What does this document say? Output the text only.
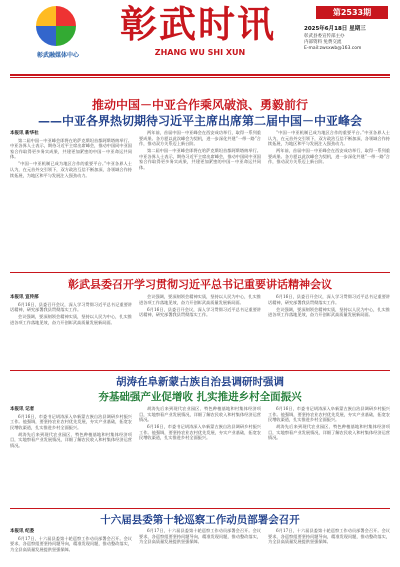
彰武融媒体中心
彰武时讯
ZHANG WU SHI XUN
第2533期
2025年6月18日 星期三
彰武县委宣传部主办
内部资料 免费交流
E-mail:zwsxwb@163.com
推动中国－中亚合作乘风破浪、勇毅前行
——中亚各界热切期待习近平主席出席第二届中国－中亚峰会
本报讯 新华社

第二届中国－中亚峰会即将在哈萨克斯坦首都阿斯塔纳举行。中亚各界人士表示，期待习近平主席出席峰会，推动中国同中亚国家合作取得更多务实成果，共建更加紧密的中国－中亚命运共同体。

“中国－中亚机制已成为地区合作的重要平台。”中亚各界人士认为，在元首外交引领下，双方政治互信不断加深，各领域合作持续拓展，为地区和平与发展注入强劲动力。

两年前，首届中国－中亚峰会在西安成功举行，取得一系列重要成果。各方愿以此次峰会为契机，进一步深化共建“一带一路”合作，推动双方关系迈上新台阶。

第二届中国－中亚峰会即将在哈萨克斯坦首都阿斯塔纳举行。中亚各界人士表示，期待习近平主席出席峰会，推动中国同中亚国家合作取得更多务实成果，共建更加紧密的中国－中亚命运共同体。

“中国－中亚机制已成为地区合作的重要平台。”中亚各界人士认为，在元首外交引领下，双方政治互信不断加深，各领域合作持续拓展，为地区和平与发展注入强劲动力。

两年前，首届中国－中亚峰会在西安成功举行，取得一系列重要成果。各方愿以此次峰会为契机，进一步深化共建“一带一路”合作，推动双方关系迈上新台阶。

彰武县委召开学习贯彻习近平总书记重要讲话精神会议
本报讯 宣传部

6月16日，县委召开会议，深入学习贯彻习近平总书记重要讲话精神，研究部署我县贯彻落实工作。

会议强调，要深刻领会精神实质，坚持以人民为中心，扎实推进各项工作落地见效，奋力开创彰武高质量发展新局面。

会议强调，要深刻领会精神实质，坚持以人民为中心，扎实推进各项工作落地见效，奋力开创彰武高质量发展新局面。

6月16日，县委召开会议，深入学习贯彻习近平总书记重要讲话精神，研究部署我县贯彻落实工作。

6月16日，县委召开会议，深入学习贯彻习近平总书记重要讲话精神，研究部署我县贯彻落实工作。

会议强调，要深刻领会精神实质，坚持以人民为中心，扎实推进各项工作落地见效，奋力开创彰武高质量发展新局面。

胡涛在阜新蒙古族自治县调研时强调
夯基础强产业促增收 扎实推进乡村全面振兴
本报讯 记者

6月16日，市委书记胡涛深入阜新蒙古族自治县调研乡村振兴工作。他强调，要坚持农业农村优先发展，夯实产业基础，拓宽农民增收渠道，扎实推进乡村全面振兴。

胡涛先后来到现代农业园区、特色种植基地和村集体经济项目，实地察看产业发展情况，详细了解农民收入和村集体经济运营情况。

胡涛先后来到现代农业园区、特色种植基地和村集体经济项目，实地察看产业发展情况，详细了解农民收入和村集体经济运营情况。

6月16日，市委书记胡涛深入阜新蒙古族自治县调研乡村振兴工作。他强调，要坚持农业农村优先发展，夯实产业基础，拓宽农民增收渠道，扎实推进乡村全面振兴。

6月16日，市委书记胡涛深入阜新蒙古族自治县调研乡村振兴工作。他强调，要坚持农业农村优先发展，夯实产业基础，拓宽农民增收渠道，扎实推进乡村全面振兴。

胡涛先后来到现代农业园区、特色种植基地和村集体经济项目，实地察看产业发展情况，详细了解农民收入和村集体经济运营情况。

十六届县委第十轮巡察工作动员部署会召开
本报讯 纪委

6月17日，十六届县委第十轮巡察工作动员部署会召开。会议要求，各巡察组要坚持问题导向，精准发现问题，推动整改落实，为全县高质量发展提供坚强保障。

6月17日，十六届县委第十轮巡察工作动员部署会召开。会议要求，各巡察组要坚持问题导向，精准发现问题，推动整改落实，为全县高质量发展提供坚强保障。

6月17日，十六届县委第十轮巡察工作动员部署会召开。会议要求，各巡察组要坚持问题导向，精准发现问题，推动整改落实，为全县高质量发展提供坚强保障。
